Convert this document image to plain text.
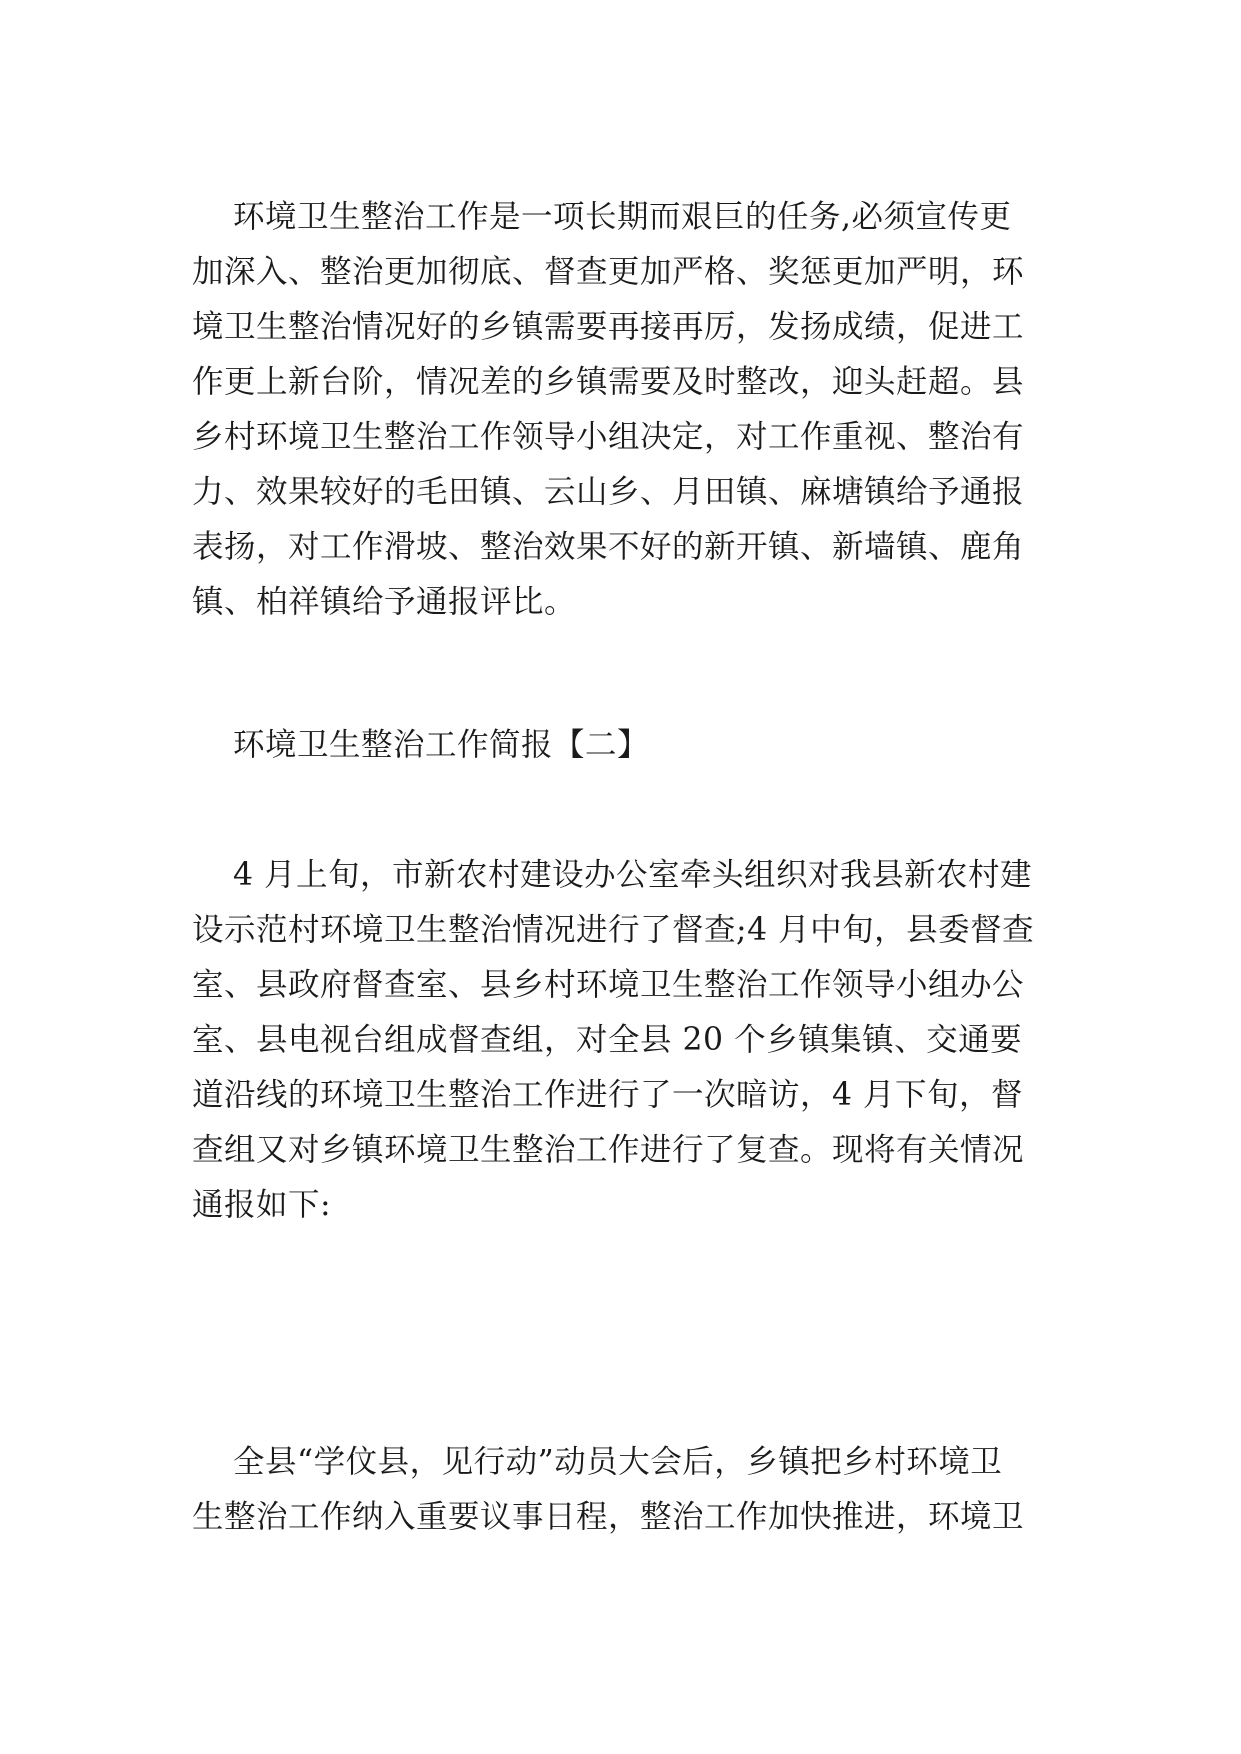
环境卫生整治工作是一项长期而艰巨的任务,必须宣传更
加深入、整治更加彻底、督查更加严格、奖惩更加严明，环
境卫生整治情况好的乡镇需要再接再厉，发扬成绩，促进工
作更上新台阶，情况差的乡镇需要及时整改，迎头赶超。县
乡村环境卫生整治工作领导小组决定，对工作重视、整治有
力、效果较好的毛田镇、云山乡、月田镇、麻塘镇给予通报
表扬，对工作滑坡、整治效果不好的新开镇、新墙镇、鹿角
镇、柏祥镇给予通报评比。
环境卫生整治工作简报【二】
4 月上旬，市新农村建设办公室牵头组织对我县新农村建
设示范村环境卫生整治情况进行了督查;4 月中旬，县委督查
室、县政府督查室、县乡村环境卫生整治工作领导小组办公
室、县电视台组成督查组，对全县 20 个乡镇集镇、交通要
道沿线的环境卫生整治工作进行了一次暗访，4 月下旬，督
查组又对乡镇环境卫生整治工作进行了复查。现将有关情况
通报如下:
全县“学伩县，见行动”动员大会后，乡镇把乡村环境卫
生整治工作纳入重要议事日程，整治工作加快推进，环境卫
